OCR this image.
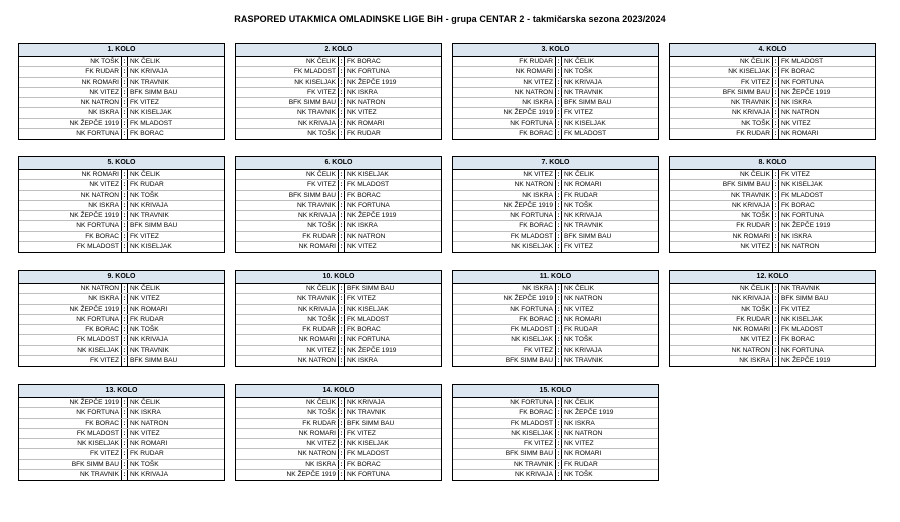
RASPORED UTAKMICA OMLADINSKE LIGE BiH - grupa CENTAR 2 - takmičarska sezona 2023/2024
1. KOLO
NK TOŠK : NK ČELIK
FK RUDAR : NK KRIVAJA
NK ROMARI : NK TRAVNIK
NK VITEZ : BFK SIMM BAU
NK NATRON : FK VITEZ
NK ISKRA : NK KISELJAK
NK ŽEPČE 1919 : FK MLADOST
NK FORTUNA : FK BORAC
2. KOLO
NK ČELIK : FK BORAC
FK MLADOST : NK FORTUNA
NK KISELJAK : NK ŽEPČE 1919
FK VITEZ : NK ISKRA
BFK SIMM BAU : NK NATRON
NK TRAVNIK : NK VITEZ
NK KRIVAJA : NK ROMARI
NK TOŠK : FK RUDAR
3. KOLO
FK RUDAR : NK ČELIK
NK ROMARI : NK TOŠK
NK VITEZ : NK KRIVAJA
NK NATRON : NK TRAVNIK
NK ISKRA : BFK SIMM BAU
NK ŽEPČE 1919 : FK VITEZ
NK FORTUNA : NK KISELJAK
FK BORAC : FK MLADOST
4. KOLO
NK ČELIK : FK MLADOST
NK KISELJAK : FK BORAC
FK VITEZ : NK FORTUNA
BFK SIMM BAU : NK ŽEPČE 1919
NK TRAVNIK : NK ISKRA
NK KRIVAJA : NK NATRON
NK TOŠK : NK VITEZ
FK RUDAR : NK ROMARI
5. KOLO
NK ROMARI : NK ČELIK
NK VITEZ : FK RUDAR
NK NATRON : NK TOŠK
NK ISKRA : NK KRIVAJA
NK ŽEPČE 1919 : NK TRAVNIK
NK FORTUNA : BFK SIMM BAU
FK BORAC : FK VITEZ
FK MLADOST : NK KISELJAK
6. KOLO
NK ČELIK : NK KISELJAK
FK VITEZ : FK MLADOST
BFK SIMM BAU : FK BORAC
NK TRAVNIK : NK FORTUNA
NK KRIVAJA : NK ŽEPČE 1919
NK TOŠK : NK ISKRA
FK RUDAR : NK NATRON
NK ROMARI : NK VITEZ
7. KOLO
NK VITEZ : NK ČELIK
NK NATRON : NK ROMARI
NK ISKRA : FK RUDAR
NK ŽEPČE 1919 : NK TOŠK
NK FORTUNA : NK KRIVAJA
FK BORAC : NK TRAVNIK
FK MLADOST : BFK SIMM BAU
NK KISELJAK : FK VITEZ
8. KOLO
NK ČELIK : FK VITEZ
BFK SIMM BAU : NK KISELJAK
NK TRAVNIK : FK MLADOST
NK KRIVAJA : FK BORAC
NK TOŠK : NK FORTUNA
FK RUDAR : NK ŽEPČE 1919
NK ROMARI : NK ISKRA
NK VITEZ : NK NATRON
9. KOLO
NK NATRON : NK ČELIK
NK ISKRA : NK VITEZ
NK ŽEPČE 1919 : NK ROMARI
NK FORTUNA : FK RUDAR
FK BORAC : NK TOŠK
FK MLADOST : NK KRIVAJA
NK KISELJAK : NK TRAVNIK
FK VITEZ : BFK SIMM BAU
10. KOLO
NK ČELIK : BFK SIMM BAU
NK TRAVNIK : FK VITEZ
NK KRIVAJA : NK KISELJAK
NK TOŠK : FK MLADOST
FK RUDAR : FK BORAC
NK ROMARI : NK FORTUNA
NK VITEZ : NK ŽEPČE 1919
NK NATRON : NK ISKRA
11. KOLO
NK ISKRA : NK ČELIK
NK ŽEPČE 1919 : NK NATRON
NK FORTUNA : NK VITEZ
FK BORAC : NK ROMARI
FK MLADOST : FK RUDAR
NK KISELJAK : NK TOŠK
FK VITEZ : NK KRIVAJA
BFK SIMM BAU : NK TRAVNIK
12. KOLO
NK ČELIK : NK TRAVNIK
NK KRIVAJA : BFK SIMM BAU
NK TOŠK : FK VITEZ
FK RUDAR : NK KISELJAK
NK ROMARI : FK MLADOST
NK VITEZ : FK BORAC
NK NATRON : NK FORTUNA
NK ISKRA : NK ŽEPČE 1919
13. KOLO
NK ŽEPČE 1919 : NK ČELIK
NK FORTUNA : NK ISKRA
FK BORAC : NK NATRON
FK MLADOST : NK VITEZ
NK KISELJAK : NK ROMARI
FK VITEZ : FK RUDAR
BFK SIMM BAU : NK TOŠK
NK TRAVNIK : NK KRIVAJA
14. KOLO
NK ČELIK : NK KRIVAJA
NK TOŠK : NK TRAVNIK
FK RUDAR : BFK SIMM BAU
NK ROMARI : FK VITEZ
NK VITEZ : NK KISELJAK
NK NATRON : FK MLADOST
NK ISKRA : FK BORAC
NK ŽEPČE 1919 : NK FORTUNA
15. KOLO
NK FORTUNA : NK ČELIK
FK BORAC : NK ŽEPČE 1919
FK MLADOST : NK ISKRA
NK KISELJAK : NK NATRON
FK VITEZ : NK VITEZ
BFK SIMM BAU : NK ROMARI
NK TRAVNIK : FK RUDAR
NK KRIVAJA : NK TOŠK
